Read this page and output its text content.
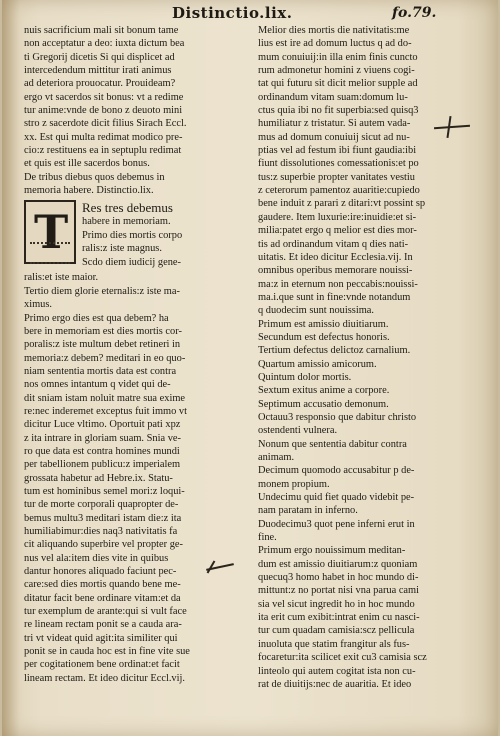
Distinctio.lix.	fo.79.
nuis sacrificium mali sit bonum tame
non acceptatur a deo: iuxta dictum bea
ti Gregorij dicetis Si qui displicet ad
intercedendum mittitur irati animus
ad deteriora prouocatur. Prouideam?
ergo vt sacerdos sit bonus: vt a redime
tur anime:vnde de bono z deuoto mini
stro z sacerdote dicit filius Sirach Eccl.
xx. Est qui multa redimat modico pre-
cio:z restituens ea in septuplu redimat
et quis est ille sacerdos bonus.
De tribus diebus quos debemus in
memoria habere. Distinctio.lix.
T Res tres debemus
habere in memoriam.
Primo dies mortis corpo
ralis:z iste magnus.
Scdo diem iudicij gene-
ralis:et iste maior.
Tertio diem glorie eternalis:z iste ma-
ximus.
Primo ergo dies est qua debem? ha
bere in memoriam est dies mortis cor-
poralis:z iste multum debet retineri in
memoria:z debem? meditari in eo quo-
niam sententia mortis data est contra
nos omnes intantum q videt qui de-
dit sniam istam noluit matre sua exime
re:nec inderemet exceptus fuit immo vt
dicitur Luce vltimo. Oportuit pati xpz
z ita intrare in gloriam suam. Snia ve-
ro que data est contra homines mundi
per tabellionem publicu:z imperialem
grossata habetur ad Hebre.ix. Statu-
tum est hominibus semel mori:z loqui-
tur de morte corporali quapropter de-
bemus multu3 meditari istam die:z ita
humiliabimur:dies naq3 nativitatis fa
cit aliquando superbire vel propter ge-
nus vel ala:item dies vite in quibus
dantur honores aliquado faciunt pec-
care:sed dies mortis quando bene me-
ditatur facit bene ordinare vitam:et da
tur exemplum de arante:qui si vult face
re lineam rectam ponit se a cauda ara-
tri vt videat quid agit:ita similiter qui
ponit se in cauda hoc est in fine vite sue
per cogitationem bene ordinat:et facit
lineam rectam. Et ideo dicitur Eccl.vij.
Melior dies mortis die nativitatis:me
lius est ire ad domum luctus q ad do-
mum conuiuij:in illa enim finis cuncto
rum admonetur homini z viuens cogi-
tat qui futuru sit dicit melior supple ad
ordinandum vitam suam:domum lu-
ctus quia ibi no fit superbia:sed quisq3
humiliatur z tristatur. Si autem vada-
mus ad domum conuiuij sicut ad nu-
ptias vel ad festum ibi fiunt gaudia:ibi
fiunt dissolutiones comessationis:et po
tus:z superbie propter vanitates vestiu
z ceterorum pamentoz auaritie:cupiedo
bene induit z parari z ditari:vt possint sp
gaudere. Item luxurie:ire:inuidie:et si-
milia:patet ergo q melior est dies mor-
tis ad ordinandum vitam q dies nati-
uitatis. Et ideo dicitur Ecclesia.vij. In
omnibus operibus memorare nouissi-
ma:z in eternum non peccabis:nouissi-
ma.i.que sunt in fine:vnde notandum
q duodecim sunt nouissima.
Primum est amissio diuitiarum.
Secundum est defectus honoris.
Tertium defectus delictoz carnalium.
Quartum amissio amicorum.
Quintum dolor mortis.
Sextum exitus anime a corpore.
Septimum accusatio demonum.
Octauu3 responsio que dabitur christo
ostendenti vulnera.
Nonum que sententia dabitur contra
animam.
Decimum quomodo accusabitur p de-
monem propium.
Undecimu quid fiet quado videbit pe-
nam paratam in inferno.
Duodecimu3 quot pene inferni erut in
fine.
Primum ergo nouissimum meditan-
dum est amissio diuitiarum:z quoniam
quecuq3 homo habet in hoc mundo di-
mittunt:z no portat nisi vna parua cami
sia vel sicut ingredit ho in hoc mundo
ita erit cum exibit:intrat enim cu nasci-
tur cum quadam camisia:scz pellicula
inuoluta que statim frangitur als fus-
focaretur:ita scilicet exit cu3 camisia scz
linteolo qui autem cogitat ista non cu-
rat de diuitijs:nec de auaritia. Et ideo
